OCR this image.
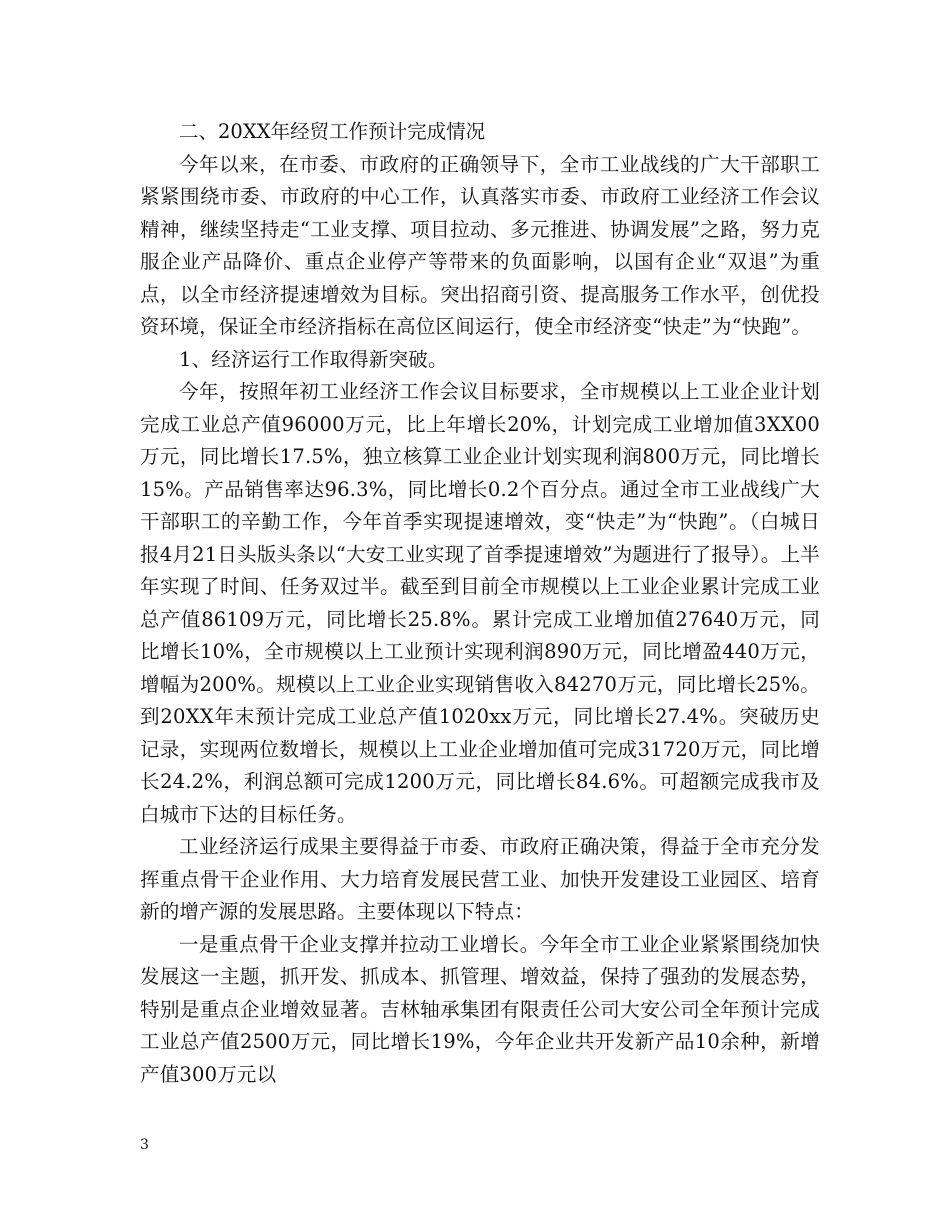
二、20XX年经贸工作预计完成情况

今年以来，在市委、市政府的正确领导下，全市工业战线的广大干部职工紧紧围绕市委、市政府的中心工作，认真落实市委、市政府工业经济工作会议精神，继续坚持走“工业支撑、项目拉动、多元推进、协调发展”之路，努力克服企业产品降价、重点企业停产等带来的负面影响，以国有企业“双退”为重点，以全市经济提速增效为目标。突出招商引资、提高服务工作水平，创优投资环境，保证全市经济指标在高位区间运行，使全市经济变“快走”为“快跑”。

1、经济运行工作取得新突破。

今年，按照年初工业经济工作会议目标要求，全市规模以上工业企业计划完成工业总产值96000万元，比上年增长20%，计划完成工业增加值3XX00万元，同比增长17.5%，独立核算工业企业计划实现利润800万元，同比增长15%。产品销售率达96.3%，同比增长0.2个百分点。通过全市工业战线广大干部职工的辛勤工作，今年首季实现提速增效，变“快走”为“快跑”。（白城日报4月21日头版头条以“大安工业实现了首季提速增效”为题进行了报导）。上半年实现了时间、任务双过半。截至到目前全市规模以上工业企业累计完成工业总产值86109万元，同比增长25.8%。累计完成工业增加值27640万元，同比增长10%，全市规模以上工业预计实现利润890万元，同比增盈440万元，增幅为200%。规模以上工业企业实现销售收入84270万元，同比增长25%。到20XX年末预计完成工业总产值1020xx万元，同比增长27.4%。突破历史记录，实现两位数增长，规模以上工业企业增加值可完成31720万元，同比增长24.2%，利润总额可完成1200万元，同比增长84.6%。可超额完成我市及白城市下达的目标任务。

工业经济运行成果主要得益于市委、市政府正确决策，得益于全市充分发挥重点骨干企业作用、大力培育发展民营工业、加快开发建设工业园区、培育新的增产源的发展思路。主要体现以下特点：

一是重点骨干企业支撑并拉动工业增长。今年全市工业企业紧紧围绕加快发展这一主题，抓开发、抓成本、抓管理、增效益，保持了强劲的发展态势，特别是重点企业增效显著。吉林轴承集团有限责任公司大安公司全年预计完成工业总产值2500万元，同比增长19%，今年企业共开发新产品10余种，新增产值300万元以

3
